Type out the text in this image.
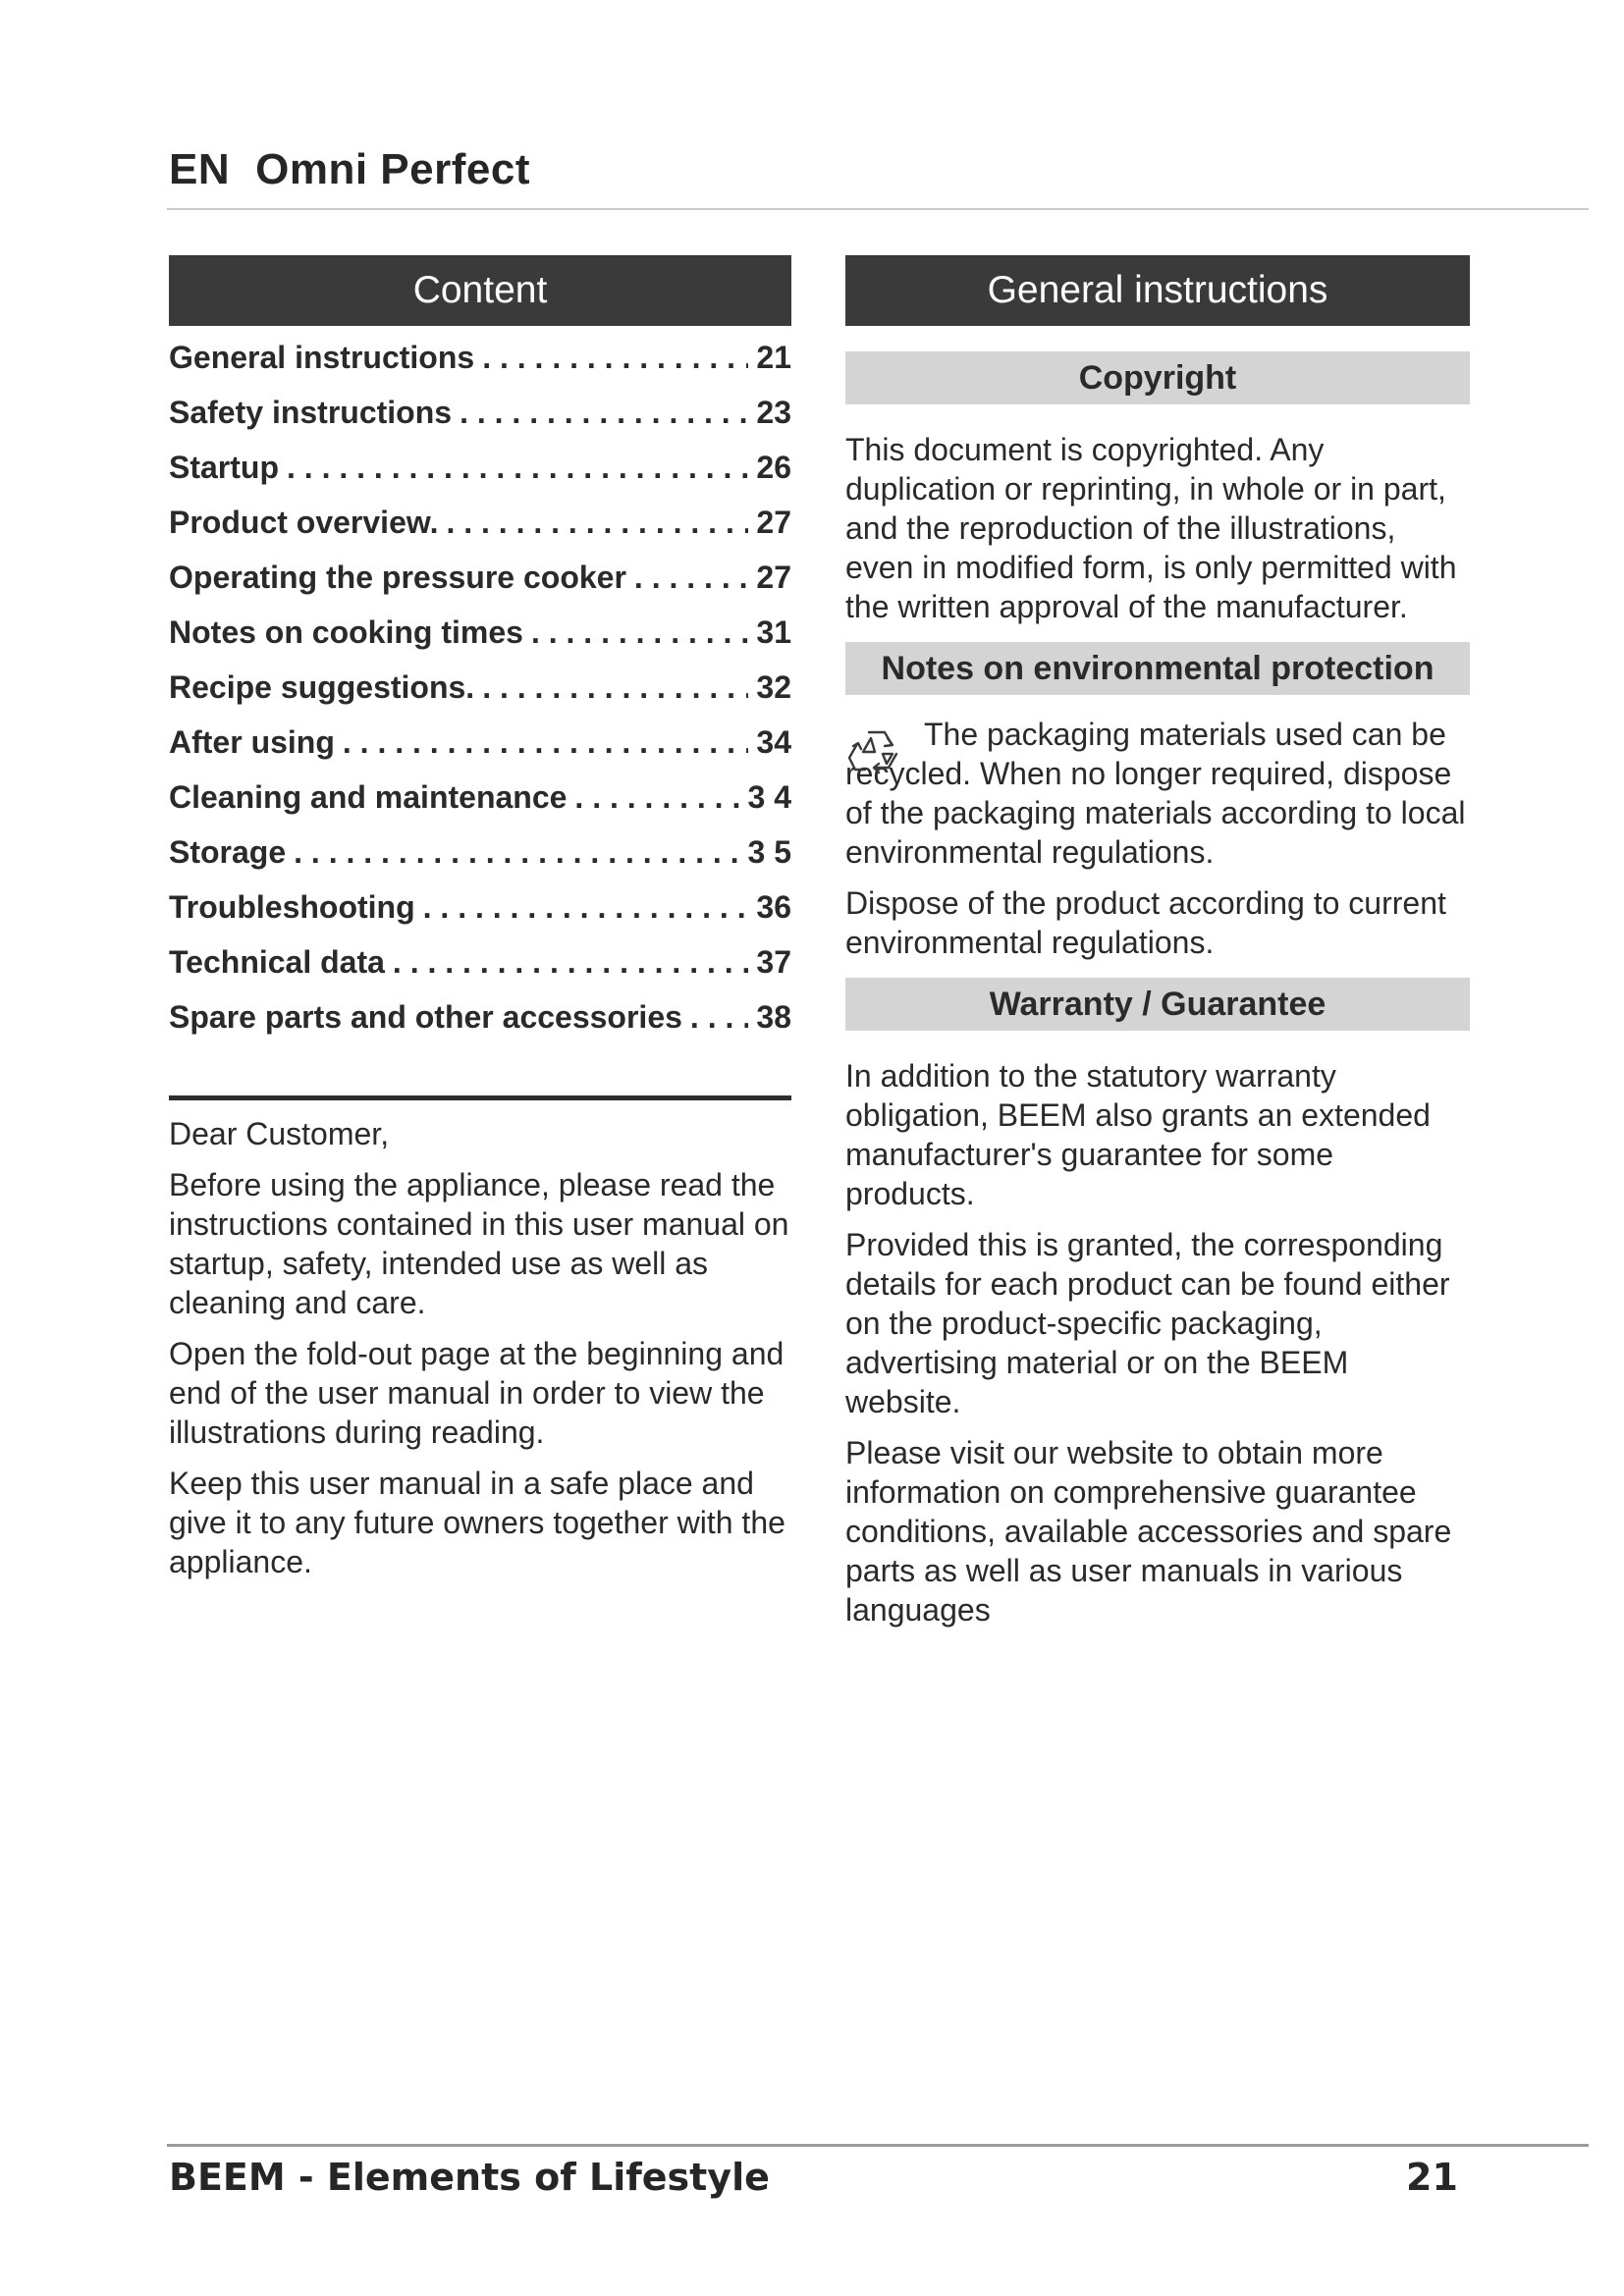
EN Omni Perfect
Content
General instructions . . .	21
Safety instructions . . .	23
Startup . . .	26
Product overview. . . .	27
Operating the pressure cooker . . .	27
Notes on cooking times . . .	31
Recipe suggestions. . . .	32
After using . . .	34
Cleaning and maintenance . . .	3 4
Storage . . .	3 5
Troubleshooting . . .	36
Technical data . . .	37
Spare parts and other accessories . . . 38

Dear Customer,

Before using the appliance, please read the instructions contained in this user manual on startup, safety, intended use as well as cleaning and care.

Open the fold-out page at the beginning and end of the user manual in order to view the illustrations during reading.

Keep this user manual in a safe place and give it to any future owners together with the appliance.

General instructions
Copyright

This document is copyrighted. Any duplication or reprinting, in whole or in part, and the reproduction of the illustrations, even in modified form, is only permitted with the written approval of the manufacturer.

Notes on environmental protection

The packaging materials used can be recycled. When no longer required, dispose of the packaging materials according to local environmental regulations.

Dispose of the product according to current environmental regulations.

Warranty / Guarantee

In addition to the statutory warranty obligation, BEEM also grants an extended manufacturer's guarantee for some products.

Provided this is granted, the corresponding details for each product can be found either on the product-specific packaging, advertising material or on the BEEM website.

Please visit our website to obtain more information on comprehensive guarantee conditions, available accessories and spare parts as well as user manuals in various languages

BEEM - Elements of Lifestyle	21
